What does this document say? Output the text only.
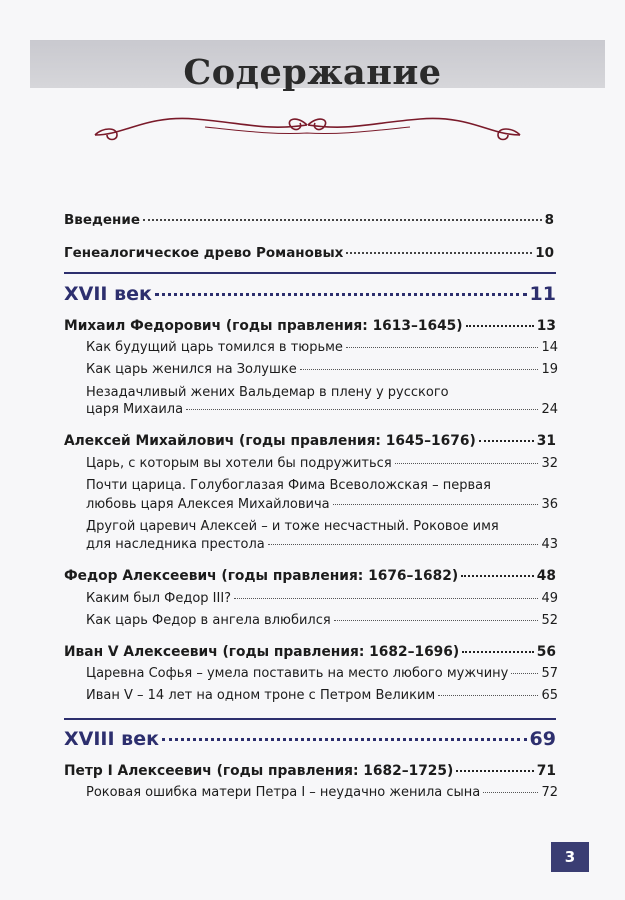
Содержание
Введение	8
Генеалогическое древо Романовых	10
XVII век	11
Михаил Федорович (годы правления: 1613–1645)	13
Как будущий царь томился в тюрьме	14
Как царь женился на Золушке	19
Незадачливый жених Вальдемар в плену у русского
царя Михаила	24
Алексей Михайлович (годы правления: 1645–1676)	31
Царь, с которым вы хотели бы подружиться	32
Почти царица. Голубоглазая Фима Всеволожская – первая
любовь царя Алексея Михайловича	36
Другой царевич Алексей – и тоже несчастный. Роковое имя
для наследника престола	43
Федор Алексеевич (годы правления: 1676–1682)	48
Каким был Федор III?	49
Как царь Федор в ангела влюбился	52
Иван V Алексеевич (годы правления: 1682–1696)	56
Царевна Софья – умела поставить на место любого мужчину	57
Иван V – 14 лет на одном троне с Петром Великим	65
XVIII век	69
Петр I Алексеевич (годы правления: 1682–1725)	71
Роковая ошибка матери Петра I – неудачно женила сына	72
3
